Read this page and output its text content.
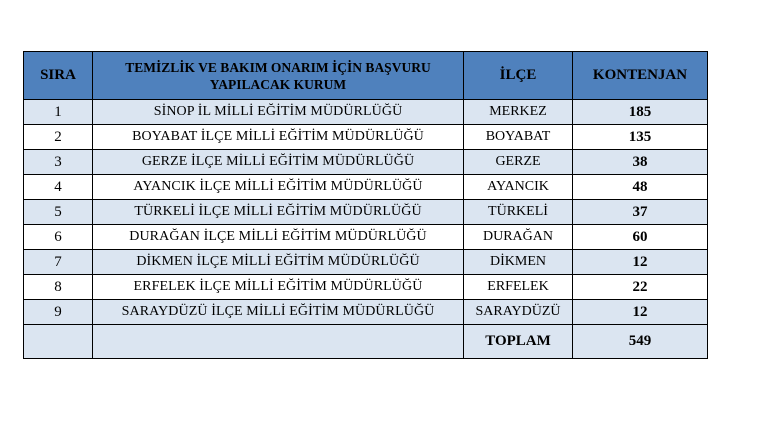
SIRA	TEMİZLİK VE BAKIM ONARIM İÇİN BAŞVURU YAPILACAK KURUM	İLÇE	KONTENJAN
1	SİNOP İL MİLLİ EĞİTİM MÜDÜRLÜĞÜ	MERKEZ	185
2	BOYABAT İLÇE MİLLİ EĞİTİM MÜDÜRLÜĞÜ	BOYABAT	135
3	GERZE İLÇE MİLLİ EĞİTİM MÜDÜRLÜĞÜ	GERZE	38
4	AYANCIK İLÇE MİLLİ EĞİTİM MÜDÜRLÜĞÜ	AYANCIK	48
5	TÜRKELİ İLÇE MİLLİ EĞİTİM MÜDÜRLÜĞÜ	TÜRKELİ	37
6	DURAĞAN İLÇE MİLLİ EĞİTİM MÜDÜRLÜĞÜ	DURAĞAN	60
7	DİKMEN İLÇE MİLLİ EĞİTİM MÜDÜRLÜĞÜ	DİKMEN	12
8	ERFELEK İLÇE MİLLİ EĞİTİM MÜDÜRLÜĞÜ	ERFELEK	22
9	SARAYDÜZÜ İLÇE MİLLİ EĞİTİM MÜDÜRLÜĞÜ	SARAYDÜZÜ	12
		TOPLAM	549
